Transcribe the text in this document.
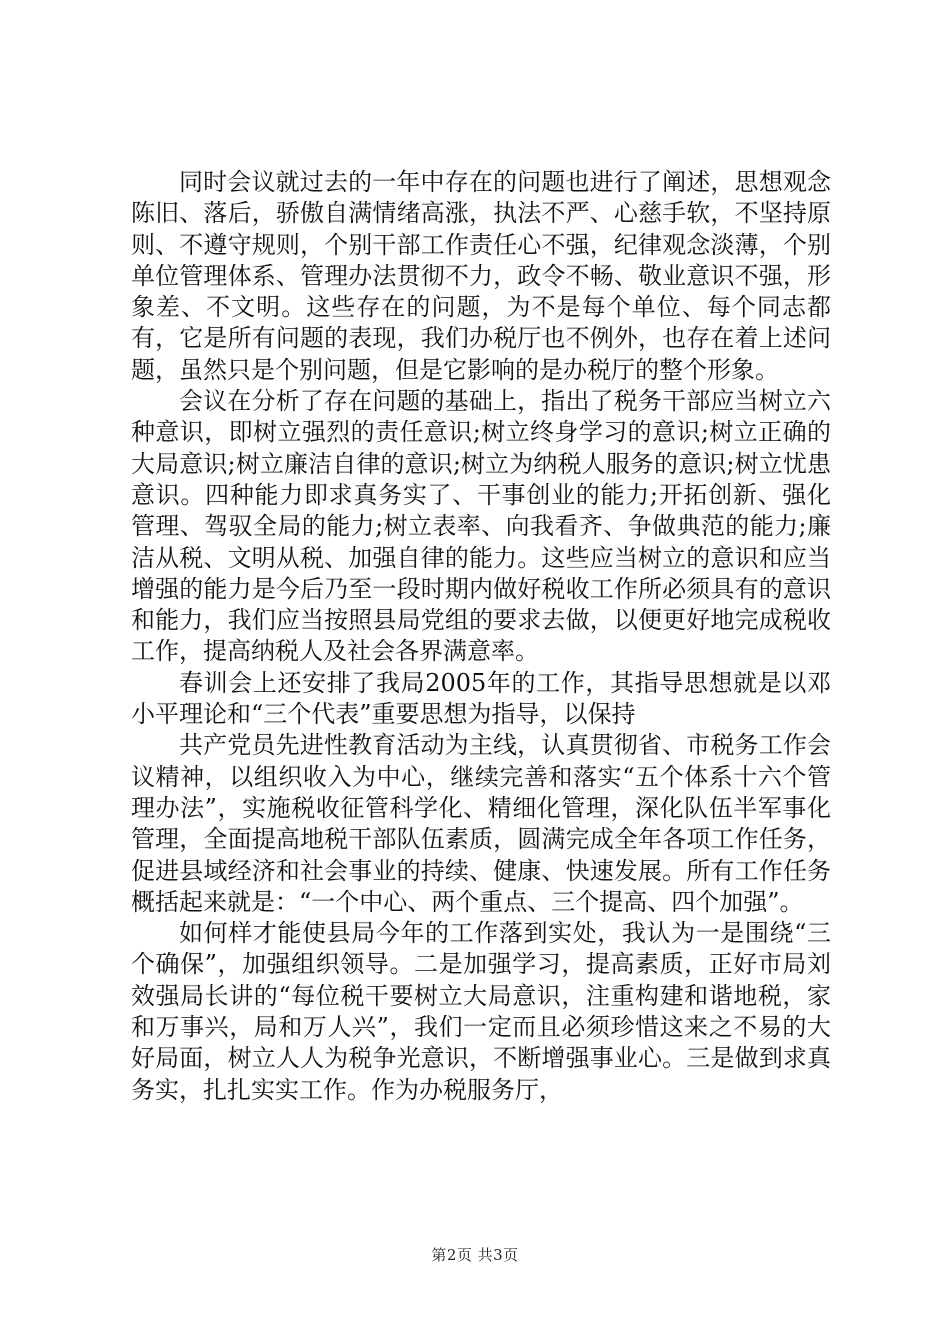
同时会议就过去的一年中存在的问题也进行了阐述，思想观念陈旧、落后，骄傲自满情绪高涨，执法不严、心慈手软，不坚持原则、不遵守规则，个别干部工作责任心不强，纪律观念淡薄，个别单位管理体系、管理办法贯彻不力，政令不畅、敬业意识不强，形象差、不文明。这些存在的问题，为不是每个单位、每个同志都有，它是所有问题的表现，我们办税厅也不例外，也存在着上述问题，虽然只是个别问题，但是它影响的是办税厅的整个形象。

会议在分析了存在问题的基础上，指出了税务干部应当树立六种意识，即树立强烈的责任意识;树立终身学习的意识;树立正确的大局意识;树立廉洁自律的意识;树立为纳税人服务的意识;树立忧患意识。四种能力即求真务实了、干事创业的能力;开拓创新、强化管理、驾驭全局的能力;树立表率、向我看齐、争做典范的能力;廉洁从税、文明从税、加强自律的能力。这些应当树立的意识和应当增强的能力是今后乃至一段时期内做好税收工作所必须具有的意识和能力，我们应当按照县局党组的要求去做，以便更好地完成税收工作，提高纳税人及社会各界满意率。

春训会上还安排了我局2005年的工作，其指导思想就是以邓小平理论和“三个代表”重要思想为指导，以保持

共产党员先进性教育活动为主线，认真贯彻省、市税务工作会议精神，以组织收入为中心，继续完善和落实“五个体系十六个管理办法”，实施税收征管科学化、精细化管理，深化队伍半军事化管理，全面提高地税干部队伍素质，圆满完成全年各项工作任务，促进县域经济和社会事业的持续、健康、快速发展。所有工作任务概括起来就是：“一个中心、两个重点、三个提高、四个加强”。

如何样才能使县局今年的工作落到实处，我认为一是围绕“三个确保”，加强组织领导。二是加强学习，提高素质，正好市局刘效强局长讲的“每位税干要树立大局意识，注重构建和谐地税，家和万事兴，局和万人兴”，我们一定而且必须珍惜这来之不易的大好局面，树立人人为税争光意识，不断增强事业心。三是做到求真务实，扎扎实实工作。作为办税服务厅，

第2页 共3页
